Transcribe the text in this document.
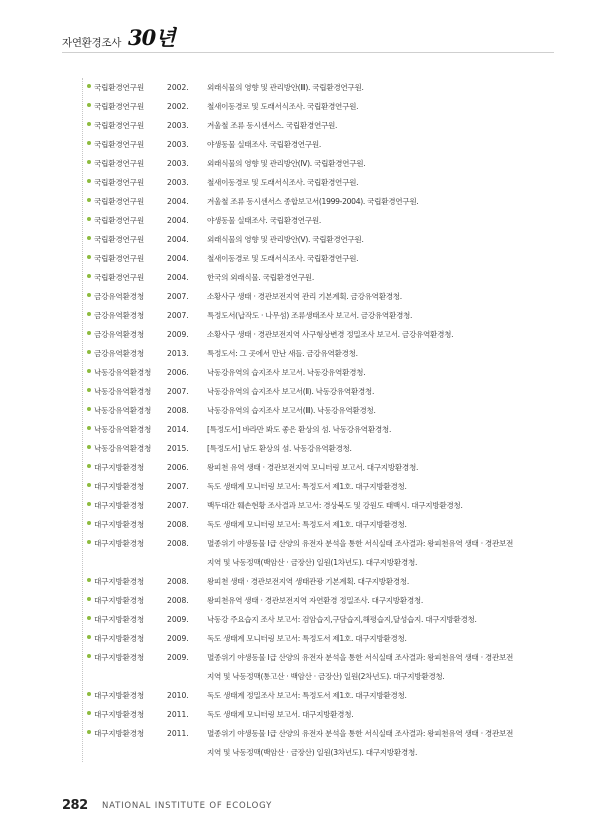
자연환경조사 30년
국립환경연구원	2002. 외래식물의 영향 및 관리방안(Ⅲ). 국립환경연구원.
국립환경연구원	2002. 철새이동경로 및 도래서식조사. 국립환경연구원.
국립환경연구원	2003. 겨울철 조류 동시센서스. 국립환경연구원.
국립환경연구원	2003. 야생동물 실태조사. 국립환경연구원.
국립환경연구원	2003. 외래식물의 영향 및 관리방안(Ⅳ). 국립환경연구원.
국립환경연구원	2003. 철새이동경로 및 도래서식조사. 국립환경연구원.
국립환경연구원	2004. 겨울철 조류 동시센서스 종합보고서(1999-2004). 국립환경연구원.
국립환경연구원	2004. 야생동물 실태조사. 국립환경연구원.
국립환경연구원	2004. 외래식물의 영향 및 관리방안(Ⅴ). 국립환경연구원.
국립환경연구원	2004. 철새이동경로 및 도래서식조사. 국립환경연구원.
국립환경연구원	2004. 한국의 외래식물. 국립환경연구원.
금강유역환경청	2007. 소황사구 생태 · 경관보전지역 관리 기본계획. 금강유역환경청.
금강유역환경청	2007. 특정도서(납작도 · 나무섬) 조류생태조사 보고서. 금강유역환경청.
금강유역환경청	2009. 소황사구 생태 · 경관보전지역 사구형상변경 정밀조사 보고서. 금강유역환경청.
금강유역환경청	2013. 특정도서: 그 곳에서 만난 새들. 금강유역환경청.
낙동강유역환경청	2006. 낙동강유역의 습지조사 보고서. 낙동강유역환경청.
낙동강유역환경청	2007. 낙동강유역의 습지조사 보고서(Ⅱ). 낙동강유역환경청.
낙동강유역환경청	2008. 낙동강유역의 습지조사 보고서(Ⅲ). 낙동강유역환경청.
낙동강유역환경청	2014. [특정도서] 바라만 봐도 좋은 환상의 섬. 낙동강유역환경청.
낙동강유역환경청	2015. [특정도서] 남도 환상의 섬. 낙동강유역환경청.
대구지방환경청	2006. 왕피천 유역 생태 · 경관보전지역 모니터링 보고서. 대구지방환경청.
대구지방환경청	2007. 독도 생태계 모니터링 보고서: 특정도서 제1호. 대구지방환경청.
대구지방환경청	2007. 백두대간 훼손현황 조사결과 보고서: 경상북도 및 강원도 태백시. 대구지방환경청.
대구지방환경청	2008. 독도 생태계 모니터링 보고서: 특정도서 제1호. 대구지방환경청.
대구지방환경청	2008. 멸종위기 야생동물 Ⅰ급 산양의 유전자 분석을 통한 서식실태 조사결과: 왕피천유역 생태 · 경관보전
지역 및 낙동정맥(백암산 · 금장산) 일원(1차년도). 대구지방환경청.
대구지방환경청	2008. 왕피천 생태 · 경관보전지역 생태관광 기본계획. 대구지방환경청.
대구지방환경청	2008. 왕피천유역 생태 · 경관보전지역 자연환경 정밀조사. 대구지방환경청.
대구지방환경청	2009. 낙동강 주요습지 조사 보고서: 검암습지,구담습지,해평습지,달성습지. 대구지방환경청.
대구지방환경청	2009. 독도 생태계 모니터링 보고서: 특정도서 제1호. 대구지방환경청.
대구지방환경청	2009. 멸종위기 야생동물 Ⅰ급 산양의 유전자 분석을 통한 서식실태 조사결과: 왕피천유역 생태 · 경관보전
지역 및 낙동정맥(통고산 · 백암산 · 금장산) 일원(2차년도). 대구지방환경청.
대구지방환경청	2010. 독도 생태계 정밀조사 보고서: 특정도서 제1호. 대구지방환경청.
대구지방환경청	2011. 독도 생태계 모니터링 보고서. 대구지방환경청.
대구지방환경청	2011. 멸종위기 야생동물 Ⅰ급 산양의 유전자 분석을 통한 서식실태 조사결과: 왕피천유역 생태 · 경관보전
지역 및 낙동정맥(백암산 · 금장산) 일원(3차년도). 대구지방환경청.
282 NATIONAL INSTITUTE OF ECOLOGY
